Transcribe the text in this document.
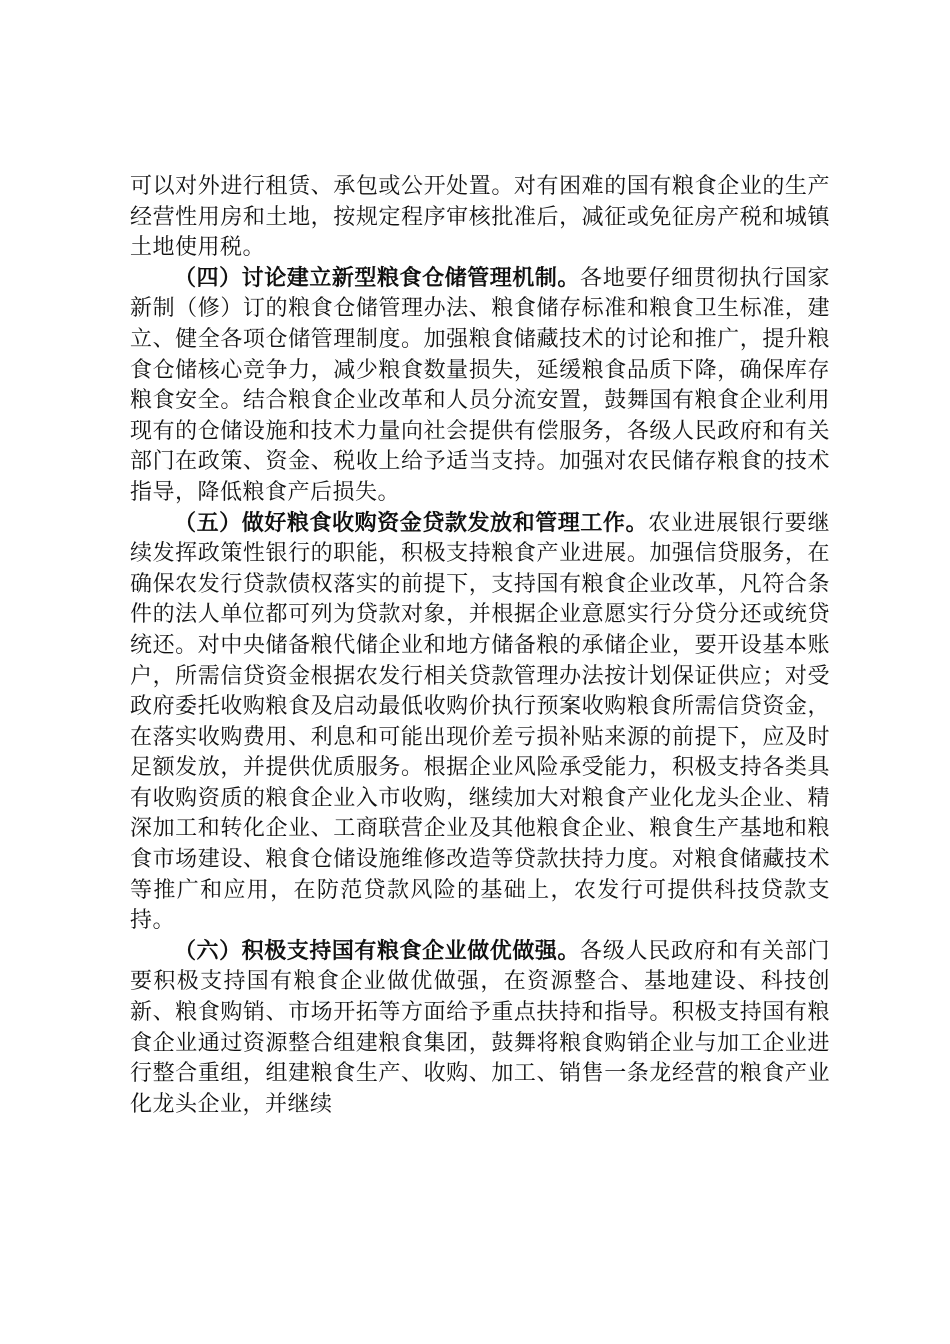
可以对外进行租赁、承包或公开处置。对有困难的国有粮食企业的生产经营性用房和土地，按规定程序审核批准后，减征或免征房产税和城镇土地使用税。

（四）讨论建立新型粮食仓储管理机制。各地要仔细贯彻执行国家新制（修）订的粮食仓储管理办法、粮食储存标准和粮食卫生标准，建立、健全各项仓储管理制度。加强粮食储藏技术的讨论和推广，提升粮食仓储核心竞争力，减少粮食数量损失，延缓粮食品质下降，确保库存粮食安全。结合粮食企业改革和人员分流安置，鼓舞国有粮食企业利用现有的仓储设施和技术力量向社会提供有偿服务，各级人民政府和有关部门在政策、资金、税收上给予适当支持。加强对农民储存粮食的技术指导，降低粮食产后损失。

（五）做好粮食收购资金贷款发放和管理工作。农业进展银行要继续发挥政策性银行的职能，积极支持粮食产业进展。加强信贷服务，在确保农发行贷款债权落实的前提下，支持国有粮食企业改革，凡符合条件的法人单位都可列为贷款对象，并根据企业意愿实行分贷分还或统贷统还。对中央储备粮代储企业和地方储备粮的承储企业，要开设基本账户，所需信贷资金根据农发行相关贷款管理办法按计划保证供应；对受政府委托收购粮食及启动最低收购价执行预案收购粮食所需信贷资金，在落实收购费用、利息和可能出现价差亏损补贴来源的前提下，应及时足额发放，并提供优质服务。根据企业风险承受能力，积极支持各类具有收购资质的粮食企业入市收购，继续加大对粮食产业化龙头企业、精深加工和转化企业、工商联营企业及其他粮食企业、粮食生产基地和粮食市场建设、粮食仓储设施维修改造等贷款扶持力度。对粮食储藏技术等推广和应用，在防范贷款风险的基础上，农发行可提供科技贷款支持。

（六）积极支持国有粮食企业做优做强。各级人民政府和有关部门要积极支持国有粮食企业做优做强，在资源整合、基地建设、科技创新、粮食购销、市场开拓等方面给予重点扶持和指导。积极支持国有粮食企业通过资源整合组建粮食集团，鼓舞将粮食购销企业与加工企业进行整合重组，组建粮食生产、收购、加工、销售一条龙经营的粮食产业化龙头企业，并继续
